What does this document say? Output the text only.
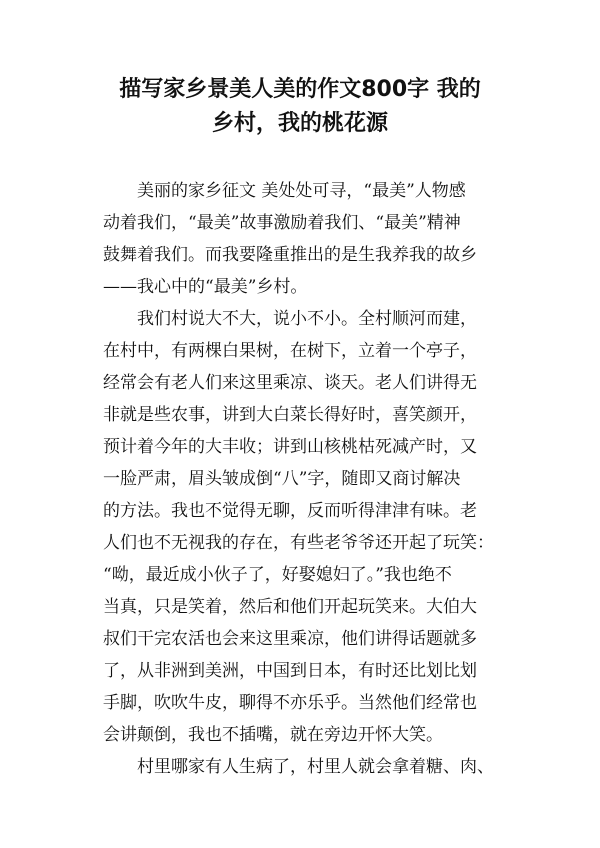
描写家乡景美人美的作文800字 我的
乡村，我的桃花源
　　美丽的家乡征文 美处处可寻，“最美”人物感
动着我们，“最美”故事激励着我们、“最美”精神
鼓舞着我们。而我要隆重推出的是生我养我的故乡
——我心中的“最美”乡村。
　　我们村说大不大，说小不小。全村顺河而建，
在村中，有两棵白果树，在树下，立着一个亭子，
经常会有老人们来这里乘凉、谈天。老人们讲得无
非就是些农事，讲到大白菜长得好时，喜笑颜开，
预计着今年的大丰收；讲到山核桃枯死减产时，又
一脸严肃，眉头皱成倒“八”字，随即又商讨解决
的方法。我也不觉得无聊，反而听得津津有味。老
人们也不无视我的存在，有些老爷爷还开起了玩笑：
“呦，最近成小伙子了，好娶媳妇了。”我也绝不
当真，只是笑着，然后和他们开起玩笑来。大伯大
叔们干完农活也会来这里乘凉，他们讲得话题就多
了，从非洲到美洲，中国到日本，有时还比划比划
手脚，吹吹牛皮，聊得不亦乐乎。当然他们经常也
会讲颠倒，我也不插嘴，就在旁边开怀大笑。
　　村里哪家有人生病了，村里人就会拿着糖、肉、
